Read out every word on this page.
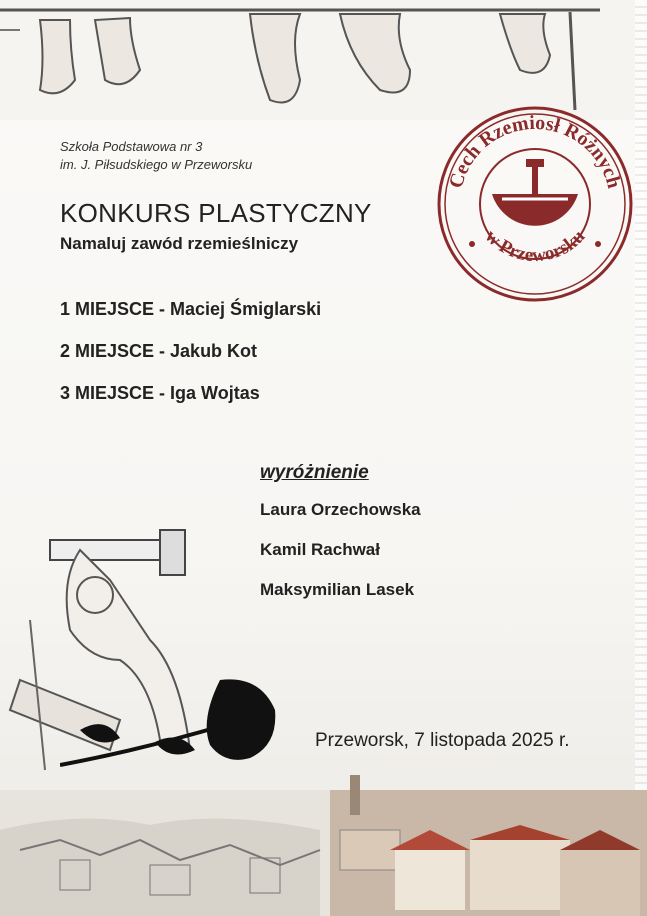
Szkoła Podstawowa nr 3
im. J. Piłsudskiego w Przeworsku
KONKURS PLASTYCZNY
Namaluj zawód rzemieślniczy
1 MIEJSCE - Maciej Śmiglarski
2 MIEJSCE - Jakub Kot
3 MIEJSCE - Iga Wojtas
wyróżnienie
Laura Orzechowska
Kamil Rachwał
Maksymilian Lasek
Cech Rzemiosł Różnych
w Przeworsku
Przeworsk, 7 listopada 2025 r.
